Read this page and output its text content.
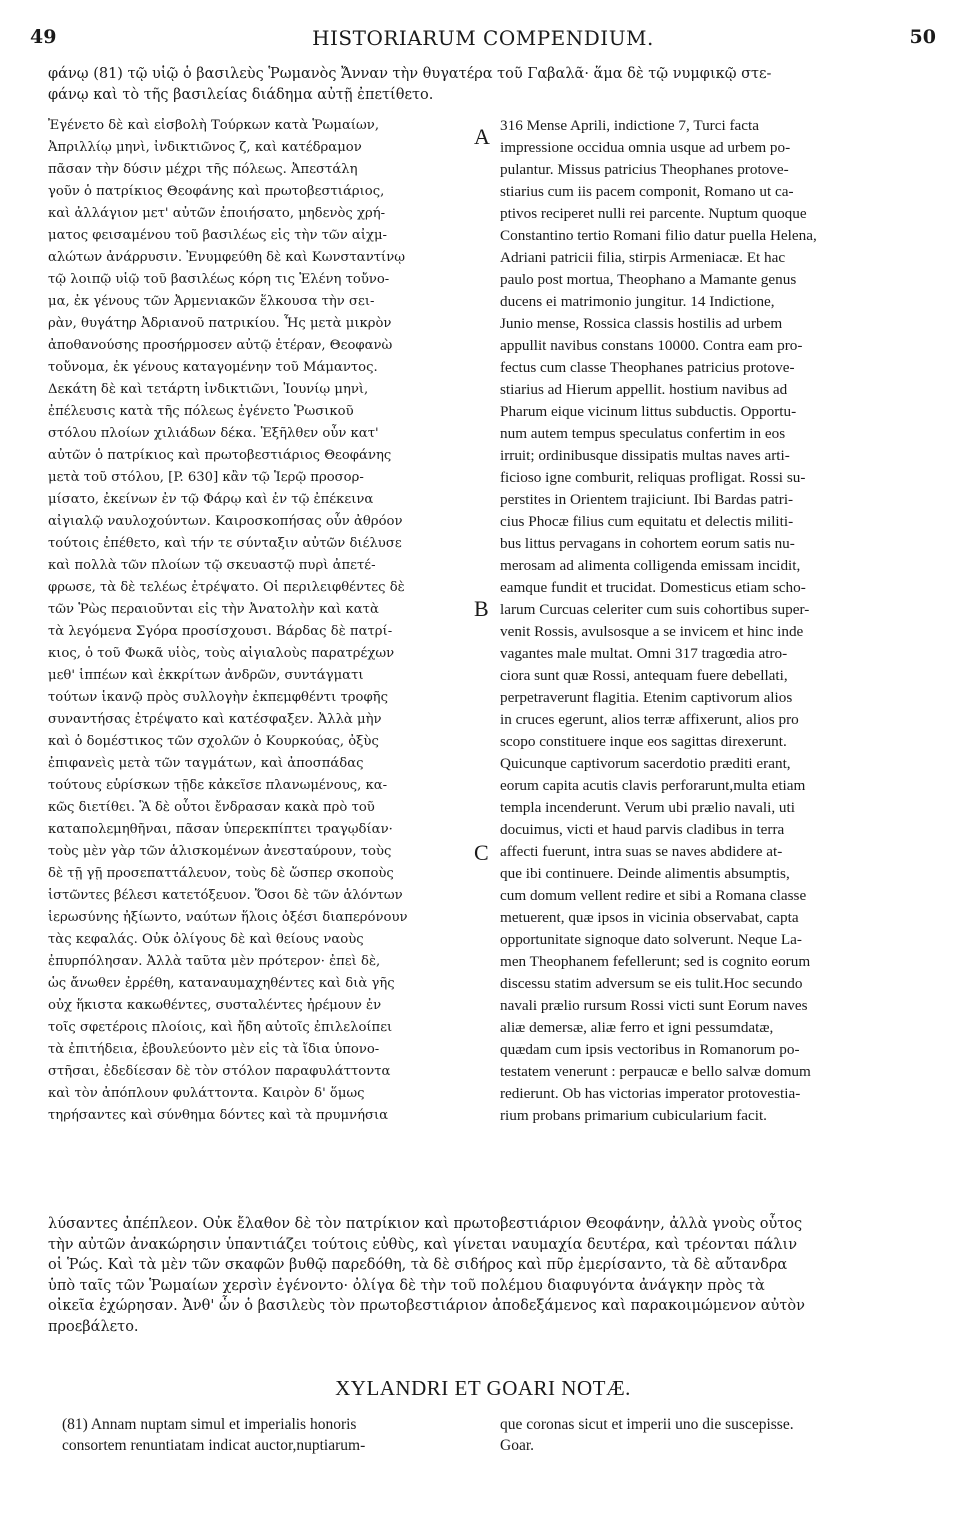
49	HISTORIARUM COMPENDIUM.	50
φάνῳ (81) τῷ υἱῷ ὁ βασιλεὺς Ῥωμανὸς Ἄνναν τὴν θυγατέρα τοῦ Γαβαλᾶ· ἅμα δὲ τῷ νυμφικῷ στε-
φάνῳ καὶ τὸ τῆς βασιλείας διάδημα αὐτῇ ἐπετίθετο.
Ἐγένετο δὲ καὶ εἰσβολὴ Τούρκων κατὰ Ῥωμαίων,
Ἀπριλλίῳ μηνὶ, ἰνδικτιῶνος ζ, καὶ κατέδραμον
πᾶσαν τὴν δύσιν μέχρι τῆς πόλεως. Ἀπεστάλη
γοῦν ὁ πατρίκιος Θεοφάνης καὶ πρωτοβεστιάριος,
καὶ ἀλλάγιον μετ' αὐτῶν ἐποιήσατο, μηδενὸς χρή-
ματος φεισαμένου τοῦ βασιλέως εἰς τὴν τῶν αἰχμ-
αλώτων ἀνάρρυσιν. Ἐνυμφεύθη δὲ καὶ Κωνσταντίνῳ
τῷ λοιπῷ υἱῷ τοῦ βασιλέως κόρη τις Ἑλένη τοὔνο-
μα, ἐκ γένους τῶν Ἀρμενιακῶν ἕλκουσα τὴν σει-
ρὰν, θυγάτηρ Ἀδριανοῦ πατρικίου. Ἧς μετὰ μικρὸν
ἀποθανούσης προσήρμοσεν αὐτῷ ἑτέραν, Θεοφανὼ
τοὔνομα, ἐκ γένους καταγομένην τοῦ Μάμαντος.
Δεκάτη δὲ καὶ τετάρτη ἰνδικτιῶνι, Ἰουνίῳ μηνὶ,
ἐπέλευσις κατὰ τῆς πόλεως ἐγένετο Ῥωσικοῦ
στόλου πλοίων χιλιάδων δέκα. Ἐξῆλθεν οὖν κατ'
αὐτῶν ὁ πατρίκιος καὶ πρωτοβεστιάριος Θεοφάνης
μετὰ τοῦ στόλου, [P. 630] κἂν τῷ Ἱερῷ προσορ-
μίσατο, ἐκείνων ἐν τῷ Φάρῳ καὶ ἐν τῷ ἐπέκεινα
αἰγιαλῷ ναυλοχούντων. Καιροσκοπήσας οὖν ἀθρόον
τούτοις ἐπέθετο, καὶ τήν τε σύνταξιν αὐτῶν διέλυσε
καὶ πολλὰ τῶν πλοίων τῷ σκευαστῷ πυρὶ ἀπετέ-
φρωσε, τὰ δὲ τελέως ἐτρέψατο. Οἱ περιλειφθέντες δὲ
τῶν Ῥὼς περαιοῦνται εἰς τὴν Ἀνατολὴν καὶ κατὰ
τὰ λεγόμενα Σγόρα προσίσχουσι. Βάρδας δὲ πατρί-
κιος, ὁ τοῦ Φωκᾶ υἱὸς, τοὺς αἰγιαλοὺς παρατρέχων
μεθ' ἱππέων καὶ ἐκκρίτων ἀνδρῶν, συντάγματι
τούτων ἱκανῷ πρὸς συλλογὴν ἐκπεμφθέντι τροφῆς
συναντήσας ἐτρέψατο καὶ κατέσφαξεν. Ἀλλὰ μὴν
καὶ ὁ δομέστικος τῶν σχολῶν ὁ Κουρκούας, ὀξὺς
ἐπιφανεὶς μετὰ τῶν ταγμάτων, καὶ ἀποσπάδας
τούτους εὑρίσκων τῇδε κἀκεῖσε πλανωμένους, κα-
κῶς διετίθει. Ἃ δὲ οὗτοι ἔνδρασαν κακὰ πρὸ τοῦ
καταπολεμηθῆναι, πᾶσαν ὑπερεκπίπτει τραγῳδίαν·
τοὺς μὲν γὰρ τῶν ἁλισκομένων ἀνεσταύρουν, τοὺς
δὲ τῇ γῇ προσεπαττάλευον, τοὺς δὲ ὥσπερ σκοποὺς
ἱστῶντες βέλεσι κατετόξευον. Ὅσοι δὲ τῶν ἁλόντων
ἱερωσύνης ἠξίωντο, ναύτων ἥλοις ὀξέσι διαπερόνουν
τὰς κεφαλάς. Οὐκ ὀλίγους δὲ καὶ θείους ναοὺς
ἐπυρπόλησαν. Ἀλλὰ ταῦτα μὲν πρότερον· ἐπεὶ δὲ,
ὡς ἄνωθεν ἐρρέθη, καταναυμαχηθέντες καὶ διὰ γῆς
οὐχ ἥκιστα κακωθέντες, συσταλέντες ἠρέμουν ἐν
τοῖς σφετέροις πλοίοις, καὶ ἤδη αὐτοῖς ἐπιλελοίπει
τὰ ἐπιτήδεια, ἐβουλεύοντο μὲν εἰς τὰ ἴδια ὑπονο-
στῆσαι, ἐδεδίεσαν δὲ τὸν στόλον παραφυλάττοντα
καὶ τὸν ἀπόπλουν φυλάττοντα. Καιρὸν δ' ὅμως
τηρήσαντες καὶ σύνθημα δόντες καὶ τὰ πρυμνήσια
316 Mense Aprili, indictione 7, Turci facta
impressione occidua omnia usque ad urbem po-
pulantur. Missus patricius Theophanes protove-
stiarius cum iis pacem componit, Romano ut ca-
ptivos reciperet nulli rei parcente. Nuptum quoque
Constantino tertio Romani filio datur puella Helena,
Adriani patricii filia, stirpis Armeniacæ. Et hac
paulo post mortua, Theophano a Mamante genus
ducens ei matrimonio jungitur. 14 Indictione,
Junio mense, Rossica classis hostilis ad urbem
appullit navibus constans 10000. Contra eam pro-
fectus cum classe Theophanes patricius protove-
stiarius ad Hierum appellit. hostium navibus ad
Pharum eique vicinum littus subductis. Opportu-
num autem tempus speculatus confertim in eos
irruit; ordinibusque dissipatis multas naves arti-
ficioso igne comburit, reliquas profligat. Rossi su-
perstites in Orientem trajiciunt. Ibi Bardas patri-
cius Phocæ filius cum equitatu et delectis militi-
bus littus pervagans in cohortem eorum satis nu-
merosam ad alimenta colligenda emissam incidit,
eamque fundit et trucidat. Domesticus etiam scho-
larum Curcuas celeriter cum suis cohortibus super-
venit Rossis, avulsosque a se invicem et hinc inde
vagantes male multat. Omni 317 tragœdia atro-
ciora sunt quæ Rossi, antequam fuere debellati,
perpetraverunt flagitia. Etenim captivorum alios
in cruces egerunt, alios terræ affixerunt, alios pro
scopo constituere inque eos sagittas direxerunt.
Quicunque captivorum sacerdotio præditi erant,
eorum capita acutis clavis perforarunt,multa etiam
templa incenderunt. Verum ubi prælio navali, uti
docuimus, victi et haud parvis cladibus in terra
affecti fuerunt, intra suas se naves abdidere at-
que ibi continuere. Deinde alimentis absumptis,
cum domum vellent redire et sibi a Romana classe
metuerent, quæ ipsos in vicinia observabat, capta
opportunitate signoque dato solverunt. Neque La-
men Theophanem fefellerunt; sed is cognito eorum
discessu statim adversum se eis tulit.Hoc secundo
navali prælio rursum Rossi victi sunt Eorum naves
aliæ demersæ, aliæ ferro et igni pessumdatæ,
quædam cum ipsis vectoribus in Romanorum po-
testatem venerunt : perpaucæ e bello salvæ domum
redierunt. Ob has victorias imperator protovestia-
rium probans primarium cubicularium facit.
A
B
C
λύσαντες ἀπέπλεον. Οὐκ ἔλαθον δὲ τὸν πατρίκιον καὶ πρωτοβεστιάριον Θεοφάνην, ἀλλὰ γνοὺς οὗτος
τὴν αὐτῶν ἀνακώρησιν ὑπαντιάζει τούτοις εὐθὺς, καὶ γίνεται ναυμαχία δευτέρα, καὶ τρέονται πάλιν
οἱ Ῥώς. Καὶ τὰ μὲν τῶν σκαφῶν βυθῷ παρεδόθη, τὰ δὲ σιδήρος καὶ πῦρ ἐμερίσαντο, τὰ δὲ αὔτανδρα
ὑπὸ ταῖς τῶν Ῥωμαίων χερσὶν ἐγένοντο· ὀλίγα δὲ τὴν τοῦ πολέμου διαφυγόντα ἀνάγκην πρὸς τὰ
οἰκεῖα ἐχώρησαν. Ἀνθ' ὧν ὁ βασιλεὺς τὸν πρωτοβεστιάριον ἀποδεξάμενος καὶ παρακοιμώμενον αὐτὸν
προεβάλετο.
XYLANDRI ET GOARI NOTÆ.
(81) Annam nuptam simul et imperialis honoris
consortem renuntiatam indicat auctor,nuptiarum-
que coronas sicut et imperii uno die suscepisse.
Goar.
